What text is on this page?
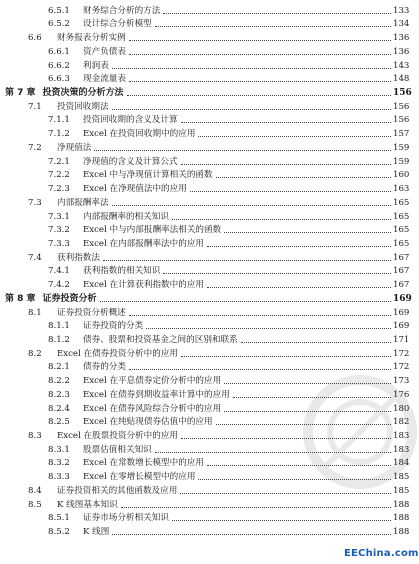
6.5.1	财务综合分析的方法	133
6.5.2	设计综合分析模型	134
6.6	财务报表分析实例	136
6.6.1	资产负债表	136
6.6.2	利润表	143
6.6.3	现金流量表	148
第 7 章 投资决策的分析方法	156
7.1	投资回收期法	156
7.1.1	投资回收期的含义及计算	156
7.1.2	Excel 在投资回收期中的应用	157
7.2	净现值法	159
7.2.1	净现值的含义及计算公式	159
7.2.2	Excel 中与净现值计算相关的函数	160
7.2.3	Excel 在净现值法中的应用	163
7.3	内部报酬率法	165
7.3.1	内部报酬率的相关知识	165
7.3.2	Excel 中与内部报酬率法相关的函数	165
7.3.3	Excel 在内部报酬率法中的应用	165
7.4	获利指数法	167
7.4.1	获利指数的相关知识	167
7.4.2	Excel 在计算获利指数中的应用	167
第 8 章 证券投资分析	169
8.1	证券投资分析概述	169
8.1.1	证券投资的分类	169
8.1.2	债券、股票和投资基金之间的区别和联系	171
8.2	Excel 在债券投资分析中的应用	172
8.2.1	债券的分类	172
8.2.2	Excel 在平息债券定价分析中的应用	173
8.2.3	Excel 在债券到期收益率计算中的应用	176
8.2.4	Excel 在债券风险综合分析中的应用	180
8.2.5	Excel 在纯贴现债券估值中的应用	182
8.3	Excel 在股票投资分析中的应用	183
8.3.1	股票估值相关知识	183
8.3.2	Excel 在常数增长模型中的应用	184
8.3.3	Excel 在零增长模型中的应用	185
8.4	证券投资相关的其他函数及应用	185
8.5	K 线图基本知识	188
8.5.1	证券市场分析相关知识	188
8.5.2	K 线图	188
EEChina.com
